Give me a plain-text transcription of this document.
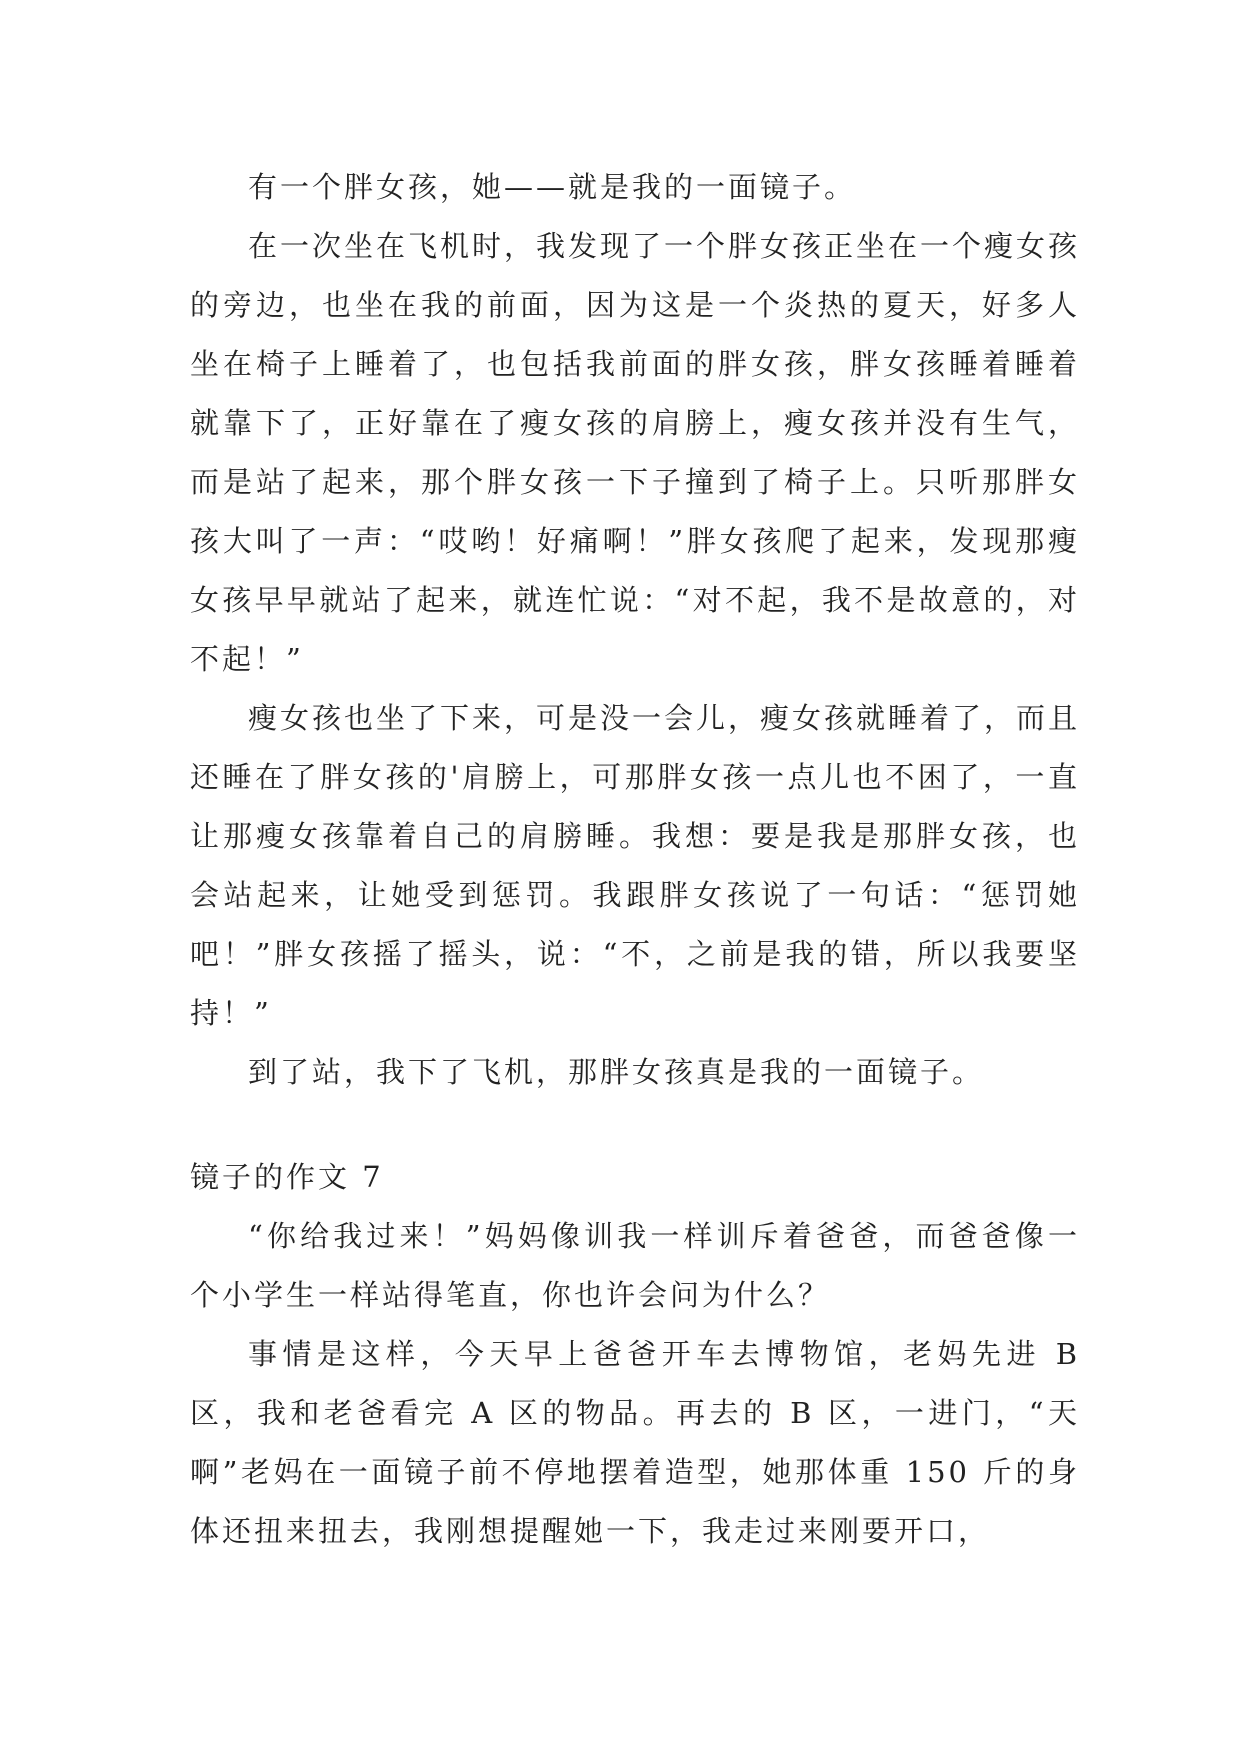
有一个胖女孩，她——就是我的一面镜子。

在一次坐在飞机时，我发现了一个胖女孩正坐在一个瘦女孩的旁边，也坐在我的前面，因为这是一个炎热的夏天，好多人坐在椅子上睡着了，也包括我前面的胖女孩，胖女孩睡着睡着就靠下了，正好靠在了瘦女孩的肩膀上，瘦女孩并没有生气，而是站了起来，那个胖女孩一下子撞到了椅子上。只听那胖女孩大叫了一声：“哎哟！好痛啊！”胖女孩爬了起来，发现那瘦女孩早早就站了起来，就连忙说：“对不起，我不是故意的，对不起！”

瘦女孩也坐了下来，可是没一会儿，瘦女孩就睡着了，而且还睡在了胖女孩的'肩膀上，可那胖女孩一点儿也不困了，一直让那瘦女孩靠着自己的肩膀睡。我想：要是我是那胖女孩，也会站起来，让她受到惩罚。我跟胖女孩说了一句话：“惩罚她吧！”胖女孩摇了摇头，说：“不，之前是我的错，所以我要坚持！”

到了站，我下了飞机，那胖女孩真是我的一面镜子。

镜子的作文 7

“你给我过来！”妈妈像训我一样训斥着爸爸，而爸爸像一个小学生一样站得笔直，你也许会问为什么？

事情是这样，今天早上爸爸开车去博物馆，老妈先进 B 区，我和老爸看完 A 区的物品。再去的 B 区，一进门，“天啊”老妈在一面镜子前不停地摆着造型，她那体重 150 斤的身体还扭来扭去，我刚想提醒她一下，我走过来刚要开口，
